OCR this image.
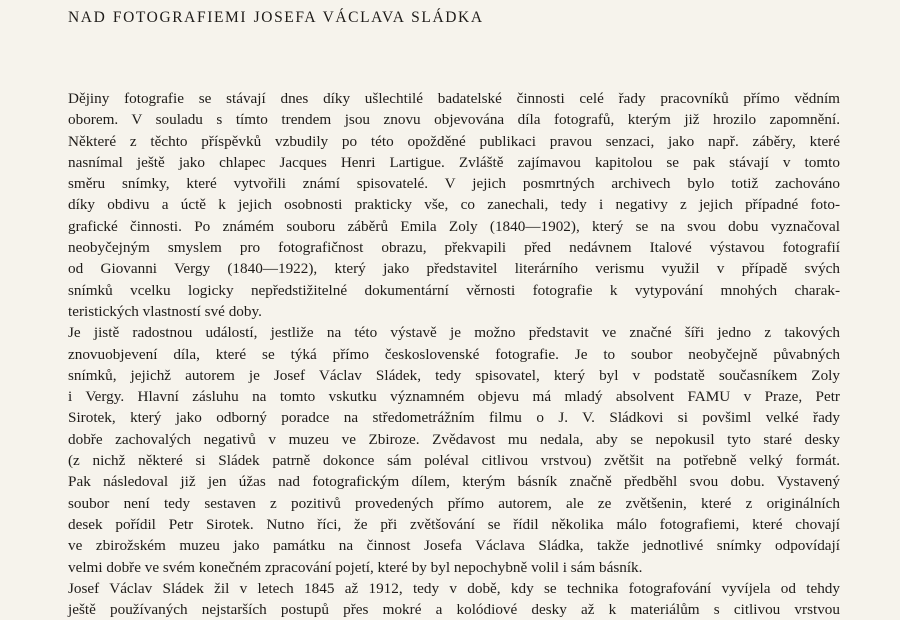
NAD FOTOGRAFIEMI JOSEFA VÁCLAVA SLÁDKA

Dějiny fotografie se stávají dnes díky ušlechtilé badatelské činnosti celé řady pracovníků přímo vědním
oborem. V souladu s tímto trendem jsou znovu objevována díla fotografů, kterým již hrozilo zapomnění.
Některé z těchto příspěvků vzbudily po této opožděné publikaci pravou senzaci, jako např. záběry, které
nasnímal ještě jako chlapec Jacques Henri Lartigue. Zvláště zajímavou kapitolou se pak stávají v tomto
směru snímky, které vytvořili známí spisovatelé. V jejich posmrtných archivech bylo totiž zachováno
díky obdivu a úctě k jejich osobnosti prakticky vše, co zanechali, tedy i negativy z jejich případné foto-
grafické činnosti. Po známém souboru záběrů Emila Zoly (1840—1902), který se na svou dobu vyznačoval
neobyčejným smyslem pro fotografičnost obrazu, překvapili před nedávnem Italové výstavou fotografií
od Giovanni Vergy (1840—1922), který jako představitel literárního verismu využil v případě svých
snímků vcelku logicky nepředstižitelné dokumentární věrnosti fotografie k vytypování mnohých charak-
teristických vlastností své doby.

Je jistě radostnou událostí, jestliže na této výstavě je možno představit ve značné šíři jedno z takových
znovuobjevení díla, které se týká přímo československé fotografie. Je to soubor neobyčejně půvabných
snímků, jejichž autorem je Josef Václav Sládek, tedy spisovatel, který byl v podstatě současníkem Zoly
i Vergy. Hlavní zásluhu na tomto vskutku významném objevu má mladý absolvent FAMU v Praze, Petr
Sirotek, který jako odborný poradce na středometrážním filmu o J. V. Sládkovi si povšiml velké řady
dobře zachovalých negativů v muzeu ve Zbiroze. Zvědavost mu nedala, aby se nepokusil tyto staré desky
(z nichž některé si Sládek patrně dokonce sám poléval citlivou vrstvou) zvětšit na potřebně velký formát.
Pak následoval již jen úžas nad fotografickým dílem, kterým básník značně předběhl svou dobu. Vystavený
soubor není tedy sestaven z pozitivů provedených přímo autorem, ale ze zvětšenin, které z originálních
desek pořídil Petr Sirotek. Nutno říci, že při zvětšování se řídil několika málo fotografiemi, které chovají
ve zbirožském muzeu jako památku na činnost Josefa Václava Sládka, takže jednotlivé snímky odpovídají
velmi dobře ve svém konečném zpracování pojetí, které by byl nepochybně volil i sám básník.

Josef Václav Sládek žil v letech 1845 až 1912, tedy v době, kdy se technika fotografování vyvíjela od tehdy
ještě používaných nejstarších postupů přes mokré a kolódiové desky až k materiálům s citlivou vrstvou
